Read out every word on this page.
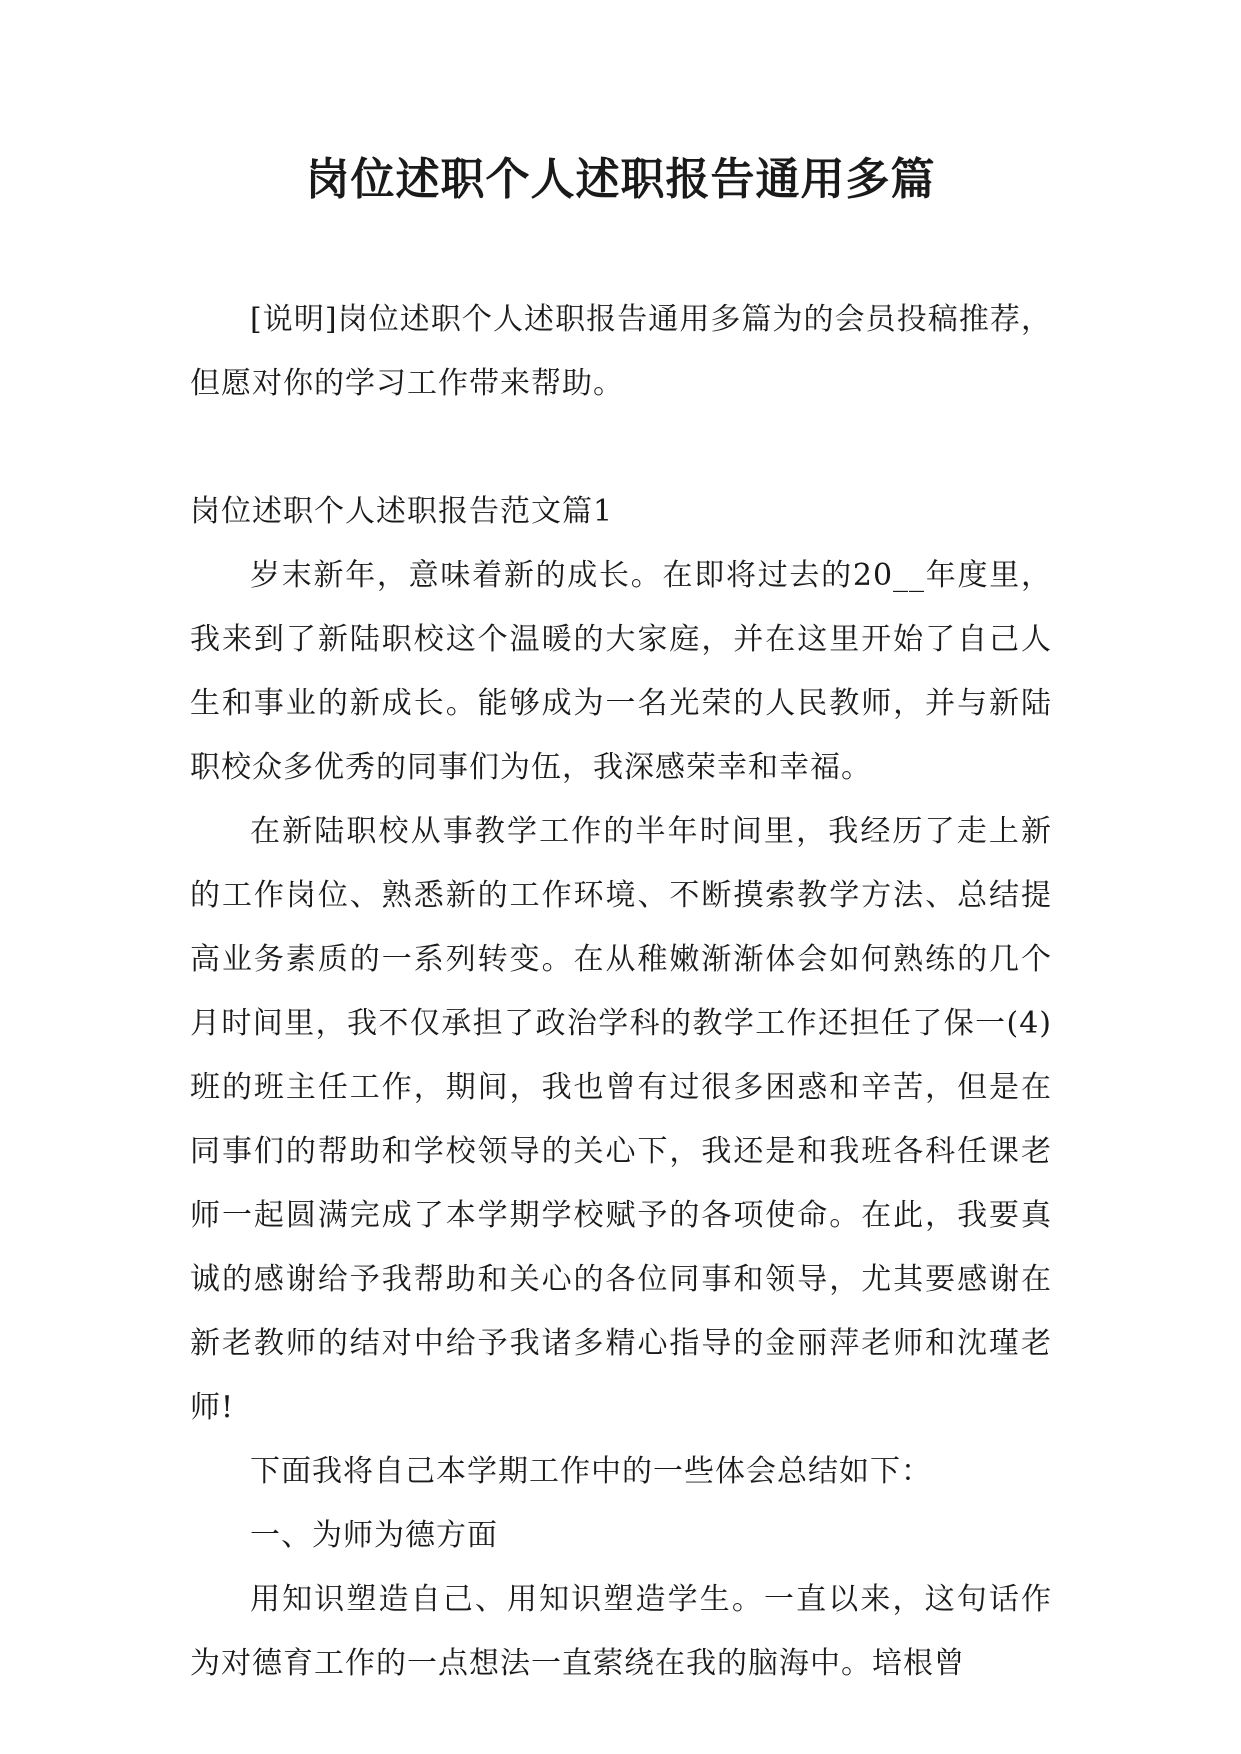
岗位述职个人述职报告通用多篇

[说明]岗位述职个人述职报告通用多篇为的会员投稿推荐，但愿对你的学习工作带来帮助。

岗位述职个人述职报告范文篇1

岁末新年，意味着新的成长。在即将过去的20__年度里，我来到了新陆职校这个温暖的大家庭，并在这里开始了自己人生和事业的新成长。能够成为一名光荣的人民教师，并与新陆职校众多优秀的同事们为伍，我深感荣幸和幸福。

在新陆职校从事教学工作的半年时间里，我经历了走上新的工作岗位、熟悉新的工作环境、不断摸索教学方法、总结提高业务素质的一系列转变。在从稚嫩渐渐体会如何熟练的几个月时间里，我不仅承担了政治学科的教学工作还担任了保一(4)班的班主任工作，期间，我也曾有过很多困惑和辛苦，但是在同事们的帮助和学校领导的关心下，我还是和我班各科任课老师一起圆满完成了本学期学校赋予的各项使命。在此，我要真诚的感谢给予我帮助和关心的各位同事和领导，尤其要感谢在新老教师的结对中给予我诸多精心指导的金丽萍老师和沈瑾老师!

下面我将自己本学期工作中的一些体会总结如下：

一、为师为德方面

用知识塑造自己、用知识塑造学生。一直以来，这句话作为对德育工作的一点想法一直萦绕在我的脑海中。培根曾
